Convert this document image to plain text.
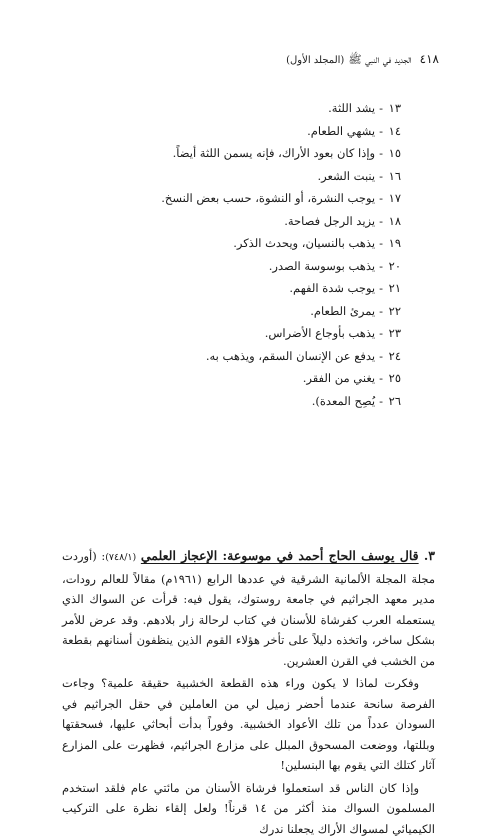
٤١٨
الجديد في النبي ﷺ
(المجلد الأول)
١٣ -يشد اللثة.
١٤ -يشهي الطعام.
١٥ -وإذا كان بعود الأراك، فإنه يسمن اللثة أيضاً.
١٦ -ينبت الشعر.
١٧ -يوجب النشرة، أو النشوة، حسب بعض النسخ.
١٨ -يزيد الرجل فصاحة.
١٩ -يذهب بالنسيان، ويحدث الذكر.
٢٠ -يذهب بوسوسة الصدر.
٢١ -يوجب شدة الفهم.
٢٢ -يمرئ الطعام.
٢٣ -يذهب بأوجاع الأضراس.
٢٤ -يدفع عن الإنسان السقم، ويذهب به.
٢٥ -يغني من الفقر.
٢٦ -يُصِح المعدة).

٣. قال يوسف الحاج أحمد في موسوعة: الإعجاز العلمي (٧٤٨/١): (أوردت مجلة المجلة الألمانية الشرقية في عددها الرابع (١٩٦١م) مقالاً للعالم رودات، مدير معهد الجراثيم في جامعة روستوك، يقول فيه: قرأت عن السواك الذي يستعمله العرب كفرشاة للأسنان في كتاب لرحالة زار بلادهم. وقد عرض للأمر بشكل ساخر، واتخذه دليلاً على تأخر هؤلاء القوم الذين ينظفون أسنانهم بقطعة من الخشب في القرن العشرين.

وفكرت لماذا لا يكون وراء هذه القطعة الخشبية حقيقة علمية؟ وجاءت الفرصة سانحة عندما أحضر زميل لي من العاملين في حقل الجراثيم في السودان عدداً من تلك الأعواد الخشبية. وفوراً بدأت أبحاثي عليها، فسحقتها وبللتها، ووضعت المسحوق المبلل على مزارع الجراثيم، فظهرت على المزارع آثار كتلك التي يقوم بها البنسلين!

وإذا كان الناس قد استعملوا فرشاة الأسنان من مائتي عام فلقد استخدم المسلمون السواك منذ أكثر من ١٤ قرناً! ولعل إلقاء نظرة على التركيب الكيميائي لمسواك الأراك يجعلنا ندرك
